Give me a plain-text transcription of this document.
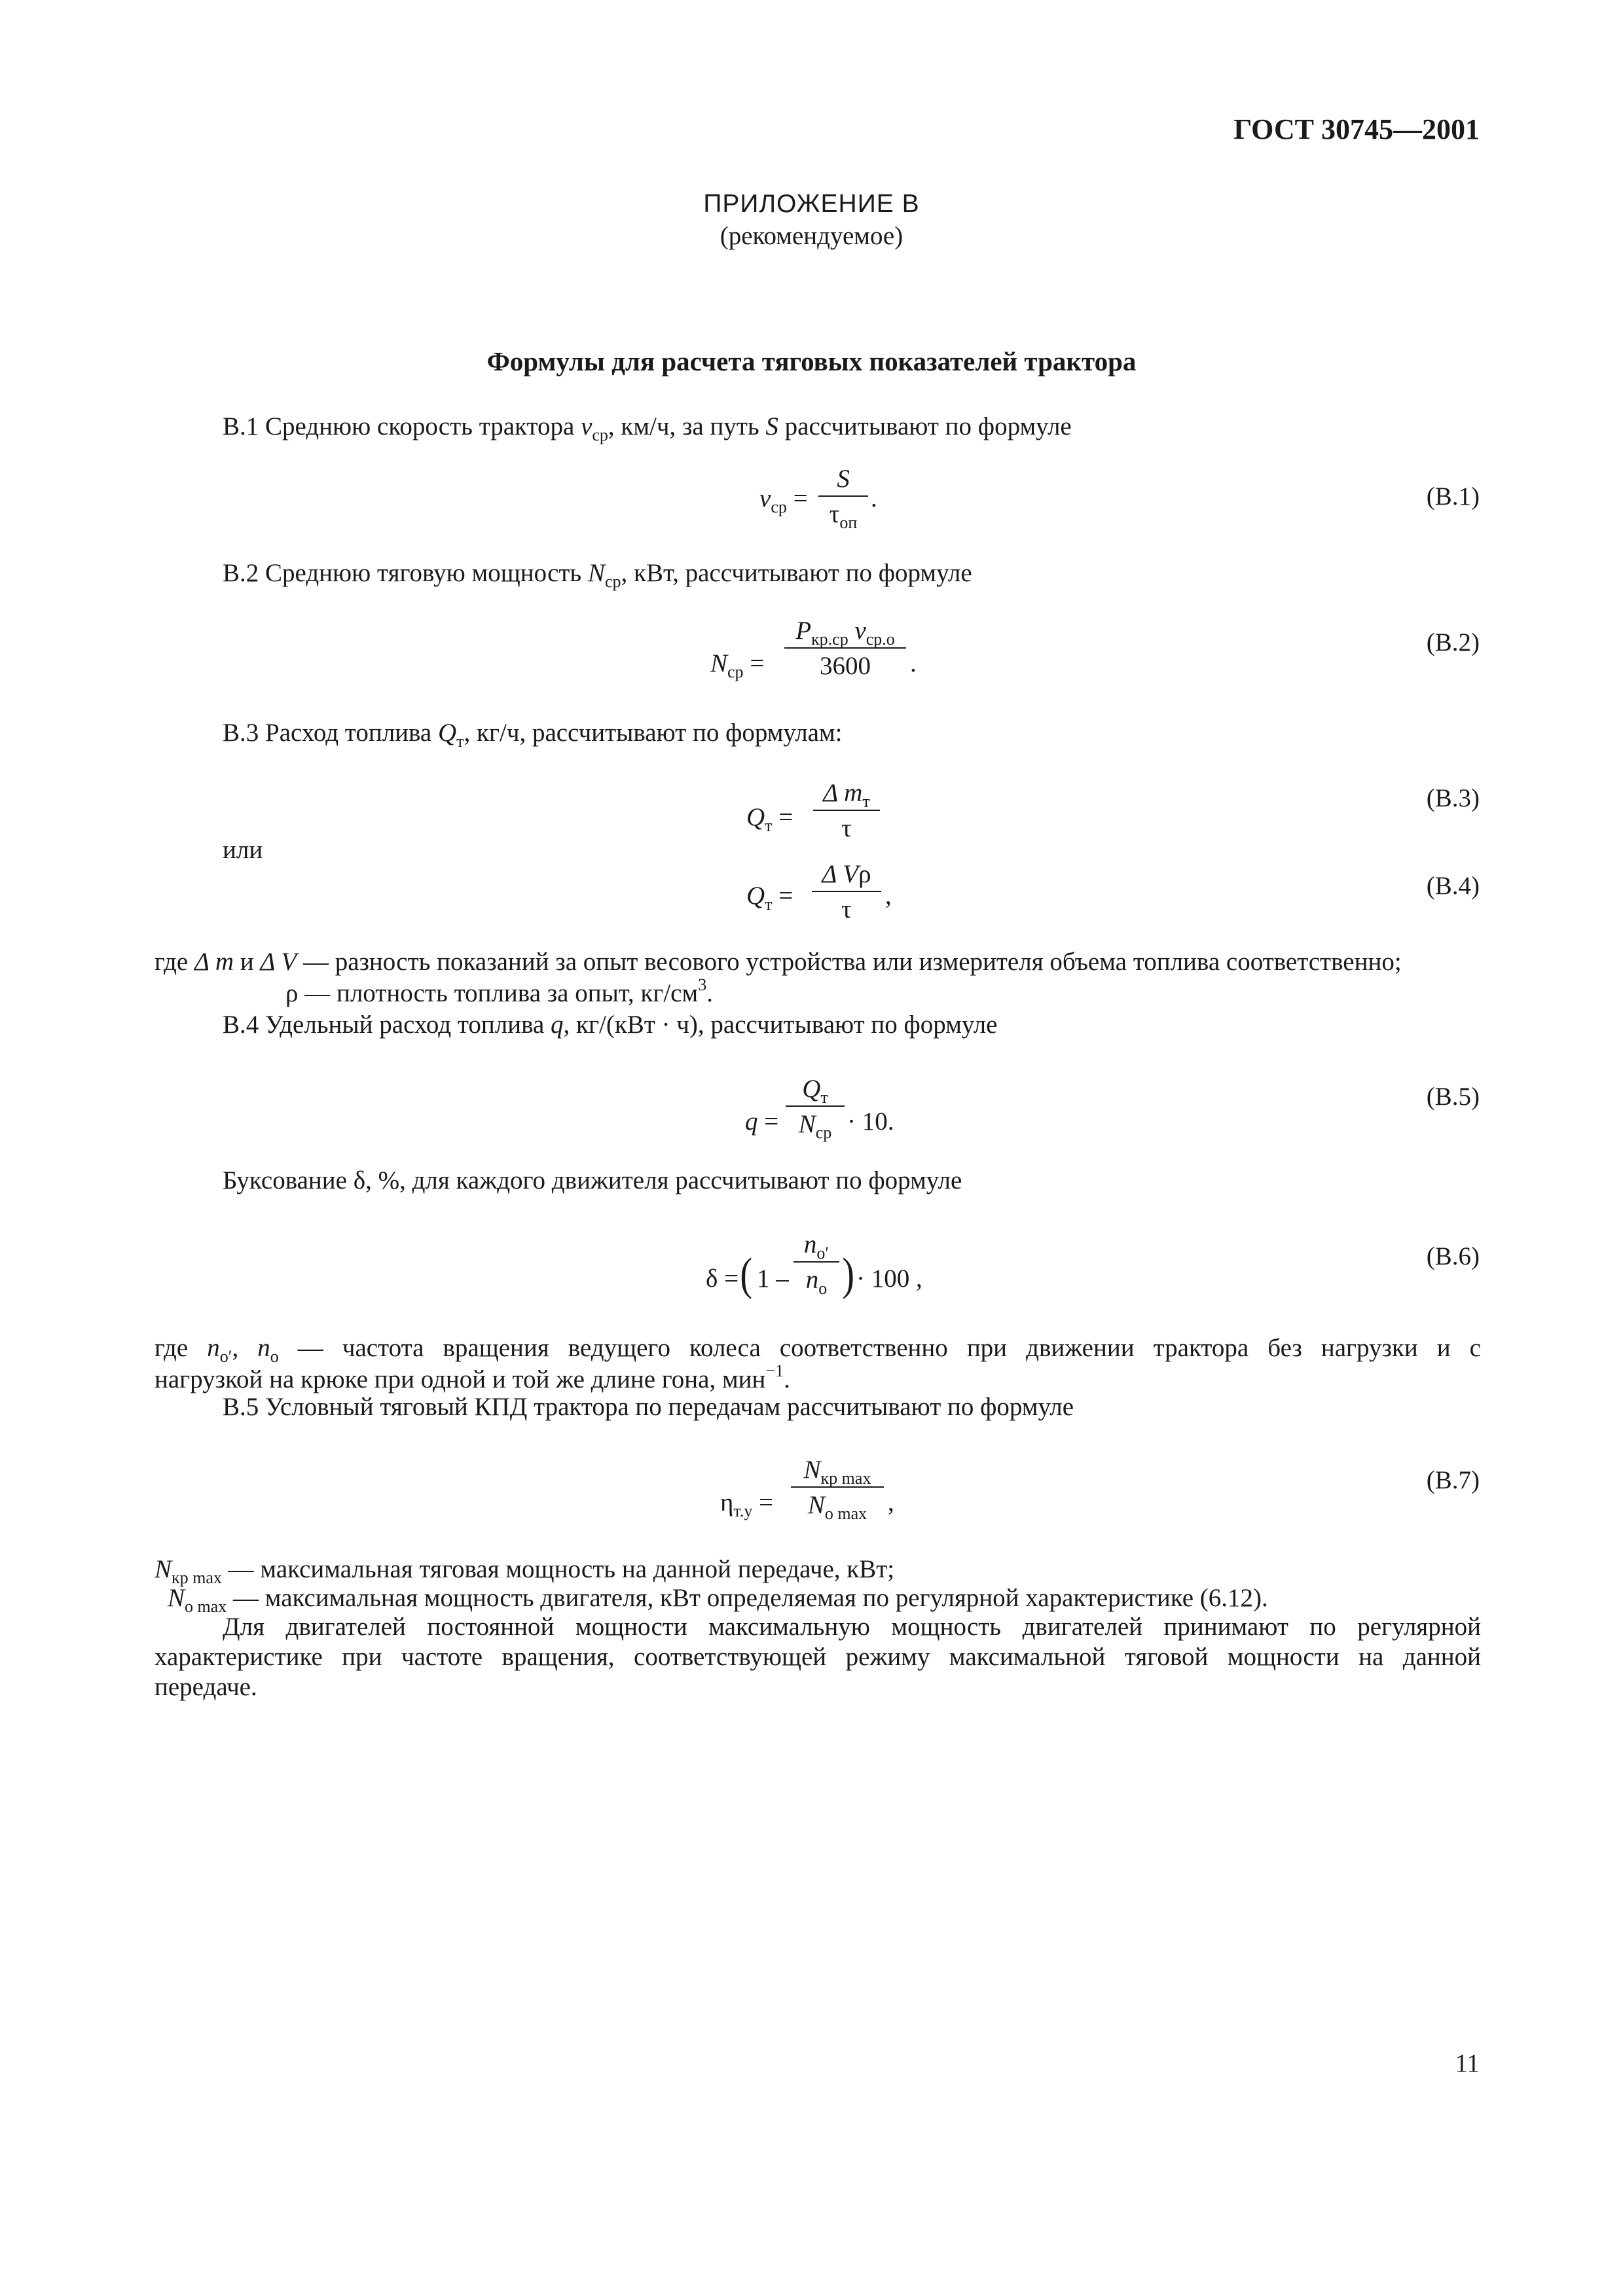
ГОСТ 30745—2001
ПРИЛОЖЕНИЕ В
(рекомендуемое)
Формулы для расчета тяговых показателей трактора
В.1 Среднюю скорость трактора $v_{ср}$, км/ч, за путь S рассчитывают по формуле
$v_{ср}$ =
S
$\tau_{оп}$
.	(В.1)
В.2 Среднюю тяговую мощность $N_{ср}$, кВт, рассчитывают по формуле
$N_{ср}$ =
$P_{кр.ср}$ $v_{ср.о}$
3600	.
(В.2)
В.3 Расход топлива $Q_т$, кг/ч, рассчитывают по формулам:
$Q_т$ =
Δ $m_т$
τ
(В.3)
или
$Q_т$ =
Δ Vρ
τ	,	(В.4)
где Δ m и Δ V — разность показаний за опыт весового устройства или измерителя объема топлива соответственно;
ρ — плотность топлива за опыт, $кг/см^3$.
В.4 Удельный расход топлива q, кг/(кВт · ч), рассчитывают по формуле
q =
$Q_т$
$N_{ср} \cdot 10$.
(В.5)
Буксование δ, %, для каждого движителя рассчитывают по формуле
δ = ( 1 –
$n_{o'}$
$n_o$ ) · 100 ,
(В.6)
где $n_{o'}$, $n_o$ — частота вращения ведущего колеса соответственно при движении трактора без нагрузки и с
нагрузкой на крюке при одной и той же длине гона, мин$^{-1}$.
В.5 Условный тяговый КПД трактора по передачам рассчитывают по формуле
$\eta_{т.у}$ =
$N_{кр max}$
$N_{о max}$ ,
(В.7)
$N_{кр max}$ — максимальная тяговая мощность на данной передаче, кВт;
$N_{о max}$ — максимальная мощность двигателя, кВт определяемая по регулярной характеристике (6.12).
Для двигателей постоянной мощности максимальную мощность двигателей принимают по регулярной
характеристике при частоте вращения, соответствующей режиму максимальной тяговой мощности на данной
передаче.
11
